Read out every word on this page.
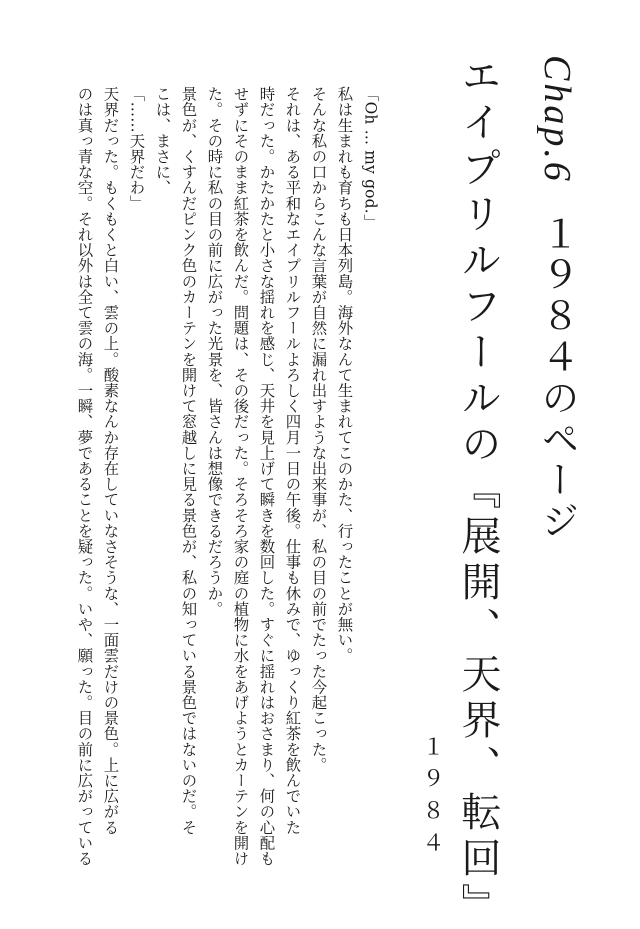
Chap.6１９８４のページ
エイプリルフールの『展開、天界、転回』
１９８４
「Oh … my god.」
私は生まれも育ちも日本列島。海外なんて生まれてこのかた、行ったことが無い。
そんな私の口からこんな言葉が自然に漏れ出すような出来事が、私の目の前でたった今起こった。
それは、ある平和なエイプリルフールよろしく四月一日の午後。仕事も休みで、ゆっくり紅茶を飲んでいた
時だった。かたかたと小さな揺れを感じ、天井を見上げて瞬きを数回した。すぐに揺れはおさまり、何の心配も
せずにそのまま紅茶を飲んだ。問題は、その後だった。そろそろ家の庭の植物に水をあげようとカーテンを開け
た。その時に私の目の前に広がった光景を、皆さんは想像できるだろうか。
景色が、くすんだピンク色のカーテンを開けて窓越しに見る景色が、私の知っている景色ではないのだ。そ
こは、まさに、
「……天界だわ」
天界だった。もくもくと白い、雲の上。酸素なんか存在していなさそうな、一面雲だけの景色。上に広がる
のは真っ青な空。それ以外は全て雲の海。一瞬、夢であることを疑った。いや、願った。目の前に広がっている
